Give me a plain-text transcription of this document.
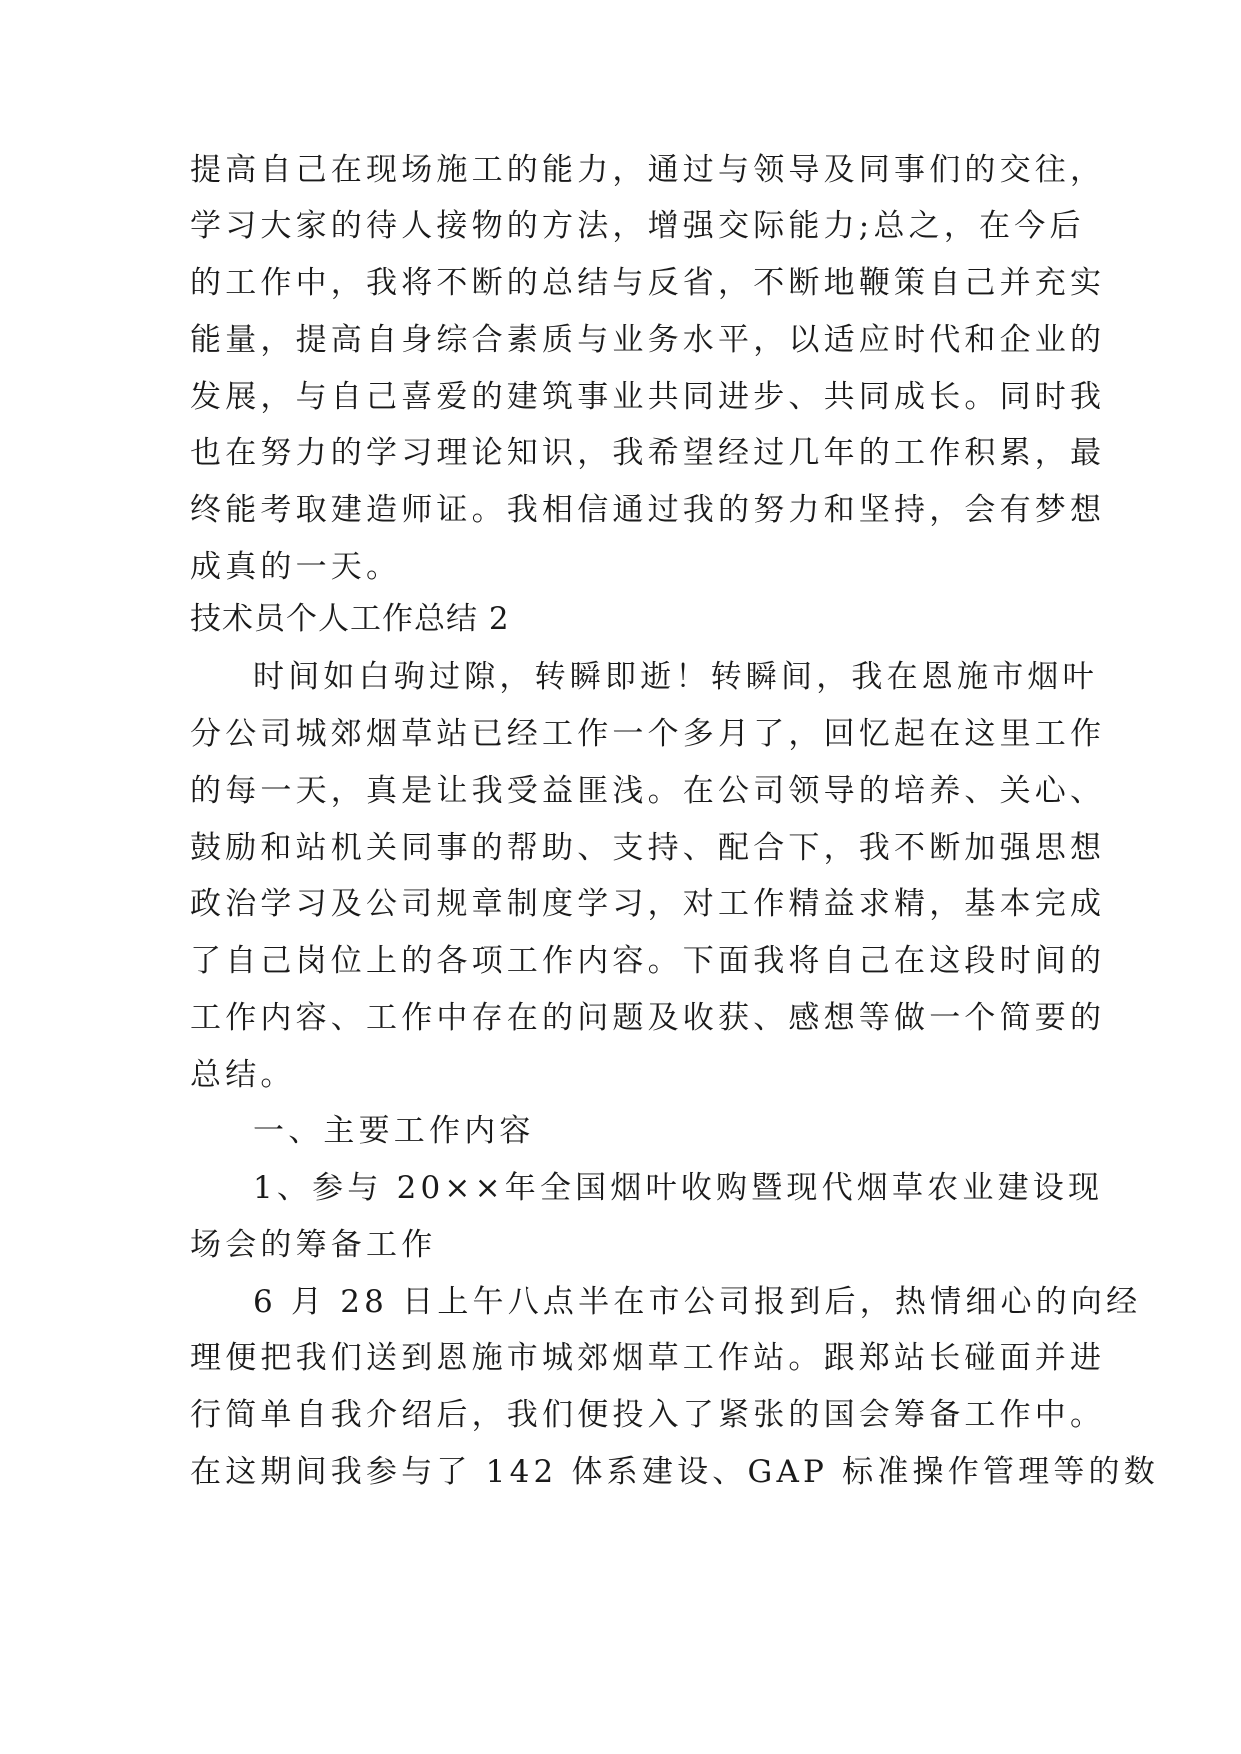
提高自己在现场施工的能力，通过与领导及同事们的交往，
学习大家的待人接物的方法，增强交际能力;总之，在今后
的工作中，我将不断的总结与反省，不断地鞭策自己并充实
能量，提高自身综合素质与业务水平，以适应时代和企业的
发展，与自己喜爱的建筑事业共同进步、共同成长。同时我
也在努力的学习理论知识，我希望经过几年的工作积累，最
终能考取建造师证。我相信通过我的努力和坚持，会有梦想
成真的一天。
技术员个人工作总结 2
时间如白驹过隙，转瞬即逝！转瞬间，我在恩施市烟叶
分公司城郊烟草站已经工作一个多月了，回忆起在这里工作
的每一天，真是让我受益匪浅。在公司领导的培养、关心、
鼓励和站机关同事的帮助、支持、配合下，我不断加强思想
政治学习及公司规章制度学习，对工作精益求精，基本完成
了自己岗位上的各项工作内容。下面我将自己在这段时间的
工作内容、工作中存在的问题及收获、感想等做一个简要的
总结。
一、主要工作内容
1、参与 20××年全国烟叶收购暨现代烟草农业建设现
场会的筹备工作
6 月 28 日上午八点半在市公司报到后，热情细心的向经
理便把我们送到恩施市城郊烟草工作站。跟郑站长碰面并进
行简单自我介绍后，我们便投入了紧张的国会筹备工作中。
在这期间我参与了 142 体系建设、GAP 标准操作管理等的数
